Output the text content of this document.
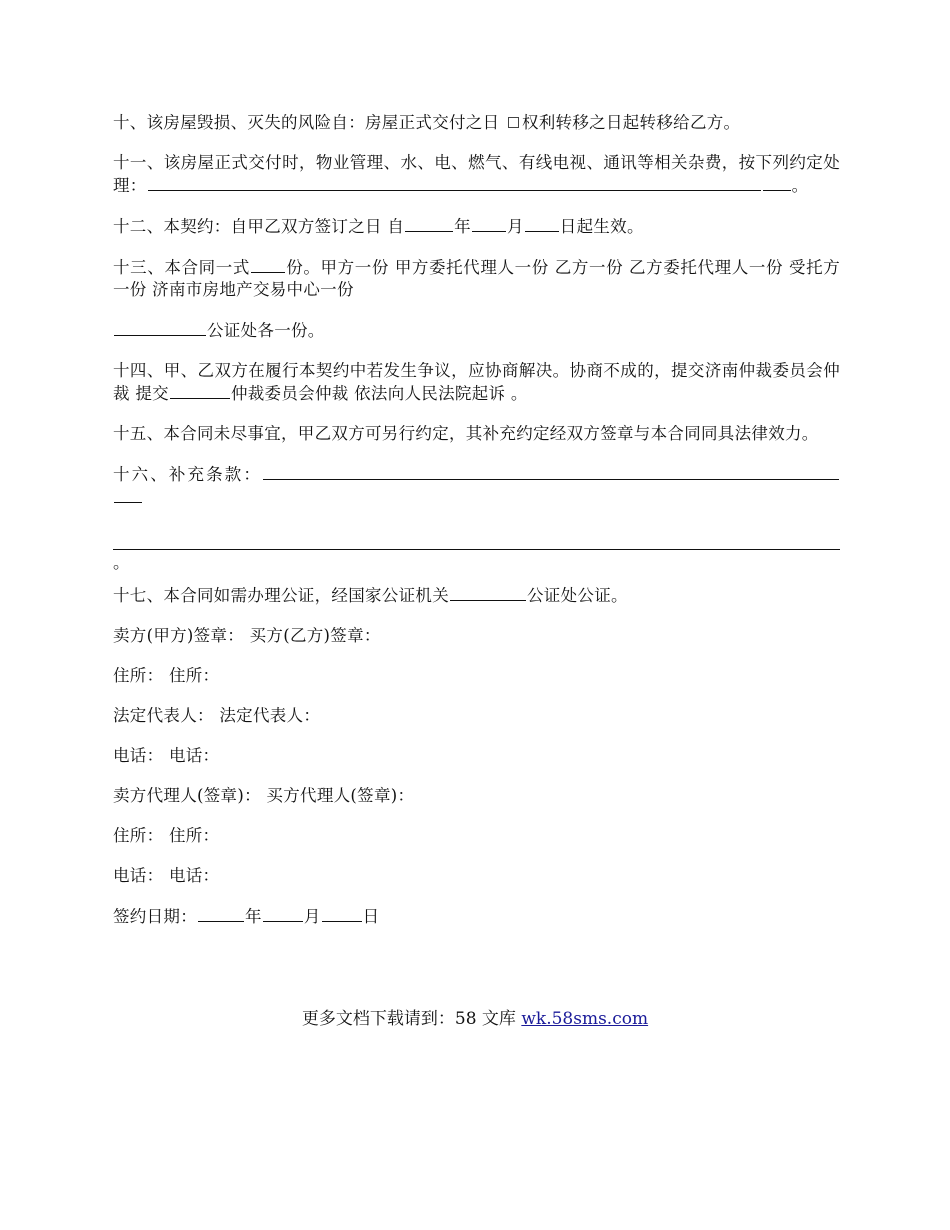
十、该房屋毁损、灭失的风险自：房屋正式交付之日 权利转移之日起转移给乙方。

十一、该房屋正式交付时，物业管理、水、电、燃气、有线电视、通讯等相关杂费，按下列约定处理：	。

十二、本契约：自甲乙双方签订之日 自	年 月 日起生效。

十三、本合同一式 份。甲方一份 甲方委托代理人一份 乙方一份 乙方委托代理人一份 受托方一份 济南市房地产交易中心一份

公证处各一份。

十四、甲、乙双方在履行本契约中若发生争议，应协商解决。协商不成的，提交济南仲裁委员会仲裁 提交	仲裁委员会仲裁 依法向人民法院起诉 。

十五、本合同未尽事宜，甲乙双方可另行约定，其补充约定经双方签章与本合同同具法律效力。

十六、补充条款：
。

十七、本合同如需办理公证，经国家公证机关	公证处公证。

卖方(甲方)签章： 买方(乙方)签章：

住所： 住所：

法定代表人： 法定代表人：

电话： 电话：

卖方代理人(签章)： 买方代理人(签章)：

住所： 住所：

电话： 电话：

签约日期：	年	月	日

更多文档下载请到：58 文库 wk.58sms.com
